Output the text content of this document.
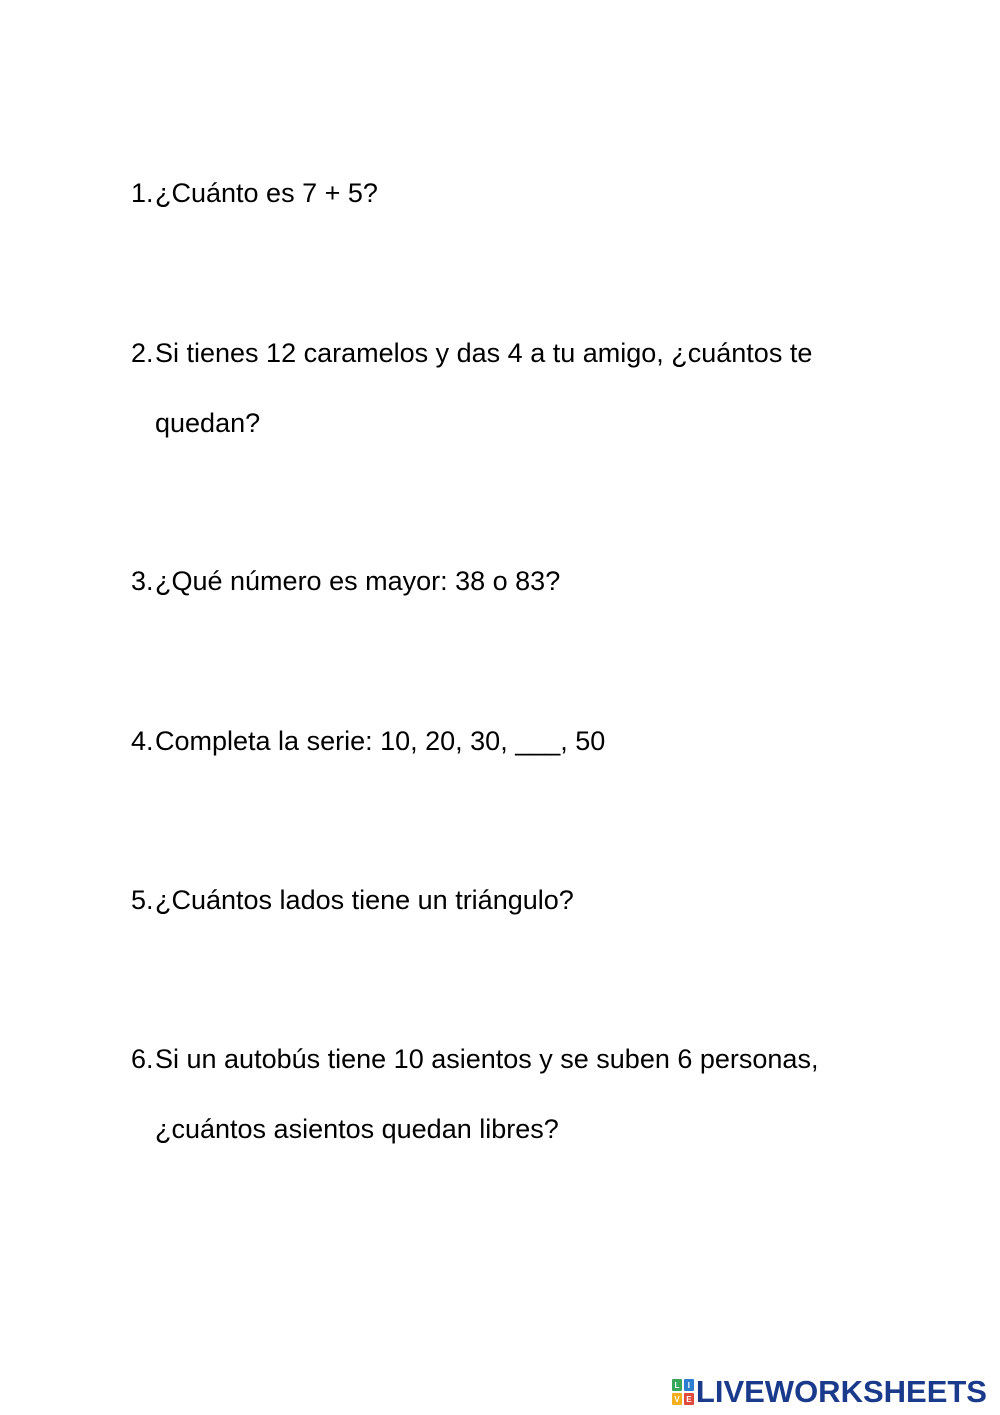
1. ¿Cuánto es 7 + 5?
2. Si tienes 12 caramelos y das 4 a tu amigo, ¿cuántos te quedan?
3. ¿Qué número es mayor: 38 o 83?
4. Completa la serie: 10, 20, 30, ___, 50
5. ¿Cuántos lados tiene un triángulo?
6. Si un autobús tiene 10 asientos y se suben 6 personas, ¿cuántos asientos quedan libres?
L	I
V E LIVEWORKSHEETS
